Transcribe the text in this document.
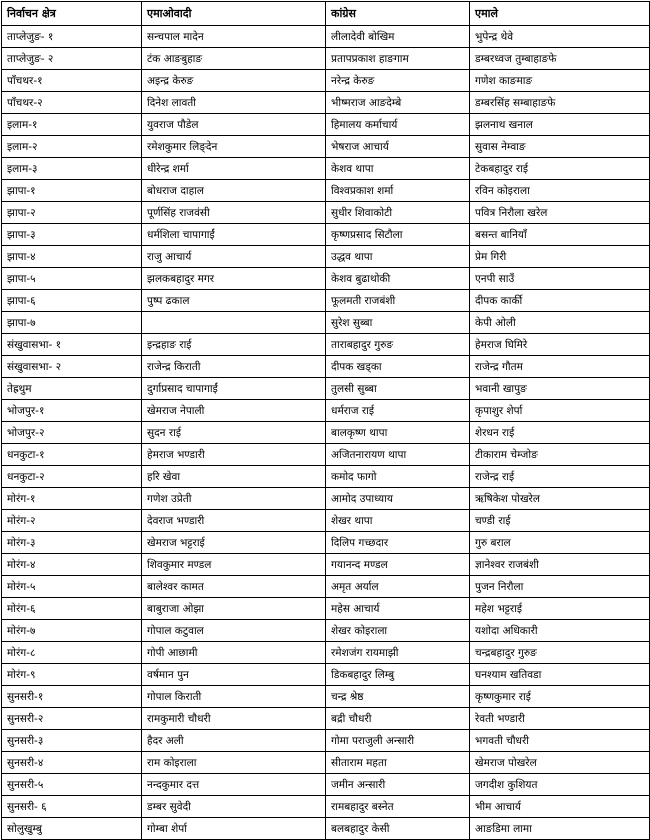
निर्वाचन क्षेत्र	एमाओवादी	कांग्रेस	एमाले
ताप्लेजुङ- १	सन्चपाल मादेन	लीलादेवी बोखिम	भुपेन्द्र थेवे
ताप्लेजुङ- २	टंक आङबुहाङ	प्रतापप्रकाश हाङगाम	डम्बरध्वज तुम्बाहाङफे
पाँचथर-१	अइन्द्र केरुङ	नरेन्द्र केरुङ	गणेश काङमाङ
पाँचथर-२	दिनेश लावती	भीष्मराज आङदेम्बे	डम्बरसिंह सम्बाहाङफे
इलाम-१	युवराज पौडेल	हिमालय कर्माचार्य	झलनाथ खनाल
इलाम-२	रमेशकुमार लिङ्देन	भेषराज आचार्य	सुवास नेम्वाङ
इलाम-३	धीरेन्द्र शर्मा	केशव थापा	टेकबहादुर राई
झापा-१	बोधराज दाहाल	विश्वप्रकाश शर्मा	रविन कोइराला
झापा-२	पूर्णसिंह राजवंसी	सुधीर शिवाकोटी	पवित्र निरौला खरेल
झापा-३	धर्मशिला चापागाईं	कृष्णप्रसाद सिटौला	बसन्त बानियाँ
झापा-४	राजु आचार्य	उद्धव थापा	प्रेम गिरी
झापा-५	झलकबहादुर मगर	केशव बुढाथोकी	एनपी साउँ
झापा-६	पुष्प ढकाल	फूलमती राजबंशी	दीपक कार्की
झापा-७		सुरेश सुब्बा	केपी ओली
संखुवासभा- १	इन्द्रहाङ राई	ताराबहादुर गुरुङ	हेमराज घिमिरे
संखुवासभा- २	राजेन्द्र किराती	दीपक खड्का	राजेन्द्र गौतम
तेह्रथुम	दुर्गाप्रसाद चापागाईं	तुलसी सुब्बा	भवानी खापुङ
भोजपुर-१	खेमराज नेपाली	धर्मराज राई	कृपाशुर शेर्पा
भोजपुर-२	सुदन राई	बालकृष्ण थापा	शेरधन राई
धनकुटा-१	हेमराज भण्डारी	अजितनारायण थापा	टीकाराम चेम्जोङ
धनकुटा-२	हरि खेवा	कमोद फागो	राजेन्द्र राई
मोरंग-१	गणेश उप्रेती	आमोद उपाध्याय	ऋषिकेश पोखरेल
मोरंग-२	देवराज भण्डारी	शेखर थापा	चण्डी राई
मोरंग-३	खेमराज भट्टराई	दिलिप गच्छदार	गुरु बराल
मोरंग-४	शिवकुमार मण्डल	गयानन्द मण्डल	ज्ञानेश्वर राजबंशी
मोरंग-५	बालेश्वर कामत	अमृत अर्याल	पुजन निरौला
मोरंग-६	बाबुराजा ओझा	महेस आचार्य	महेश भट्टराई
मोरंग-७	गोपाल कटुवाल	शेखर कोइराला	यशोदा अधिकारी
मोरंग-८	गोपी आछामी	रमेशजंग रायमाझी	चन्द्रबहादुर गुरुङ
मोरंग-९	वर्षमान पुन	डिकबहादुर लिम्बु	घनश्याम खतिवडा
सुनसरी-१	गोपाल किराती	चन्द्र श्रेष्ठ	कृष्णकुमार राई
सुनसरी-२	रामकुमारी चौधरी	बद्री चौधरी	रेवती भण्डारी
सुनसरी-३	हैदर अली	गोमा पराजुली अन्सारी	भगवती चौधरी
सुनसरी-४	राम कोइराला	सीताराम महता	खेमराज पोखरेल
सुनसरी-५	नन्दकुमार दत्त	जमीन अन्सारी	जगदीश कुशियत
सुनसरी- ६	डम्बर सुवेदी	रामबहादुर बस्नेत	भीम आचार्य
सोलुखुम्बु	गोम्बा शेर्पा	बलबहादुर केसी	आङडिमा लामा
